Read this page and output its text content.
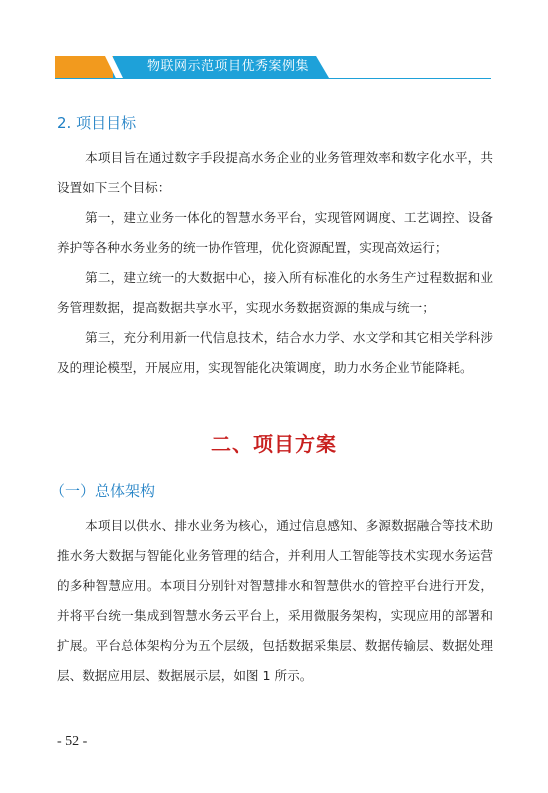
物联网示范项目优秀案例集
2. 项目目标

本项目旨在通过数字手段提高水务企业的业务管理效率和数字化水平，共设置如下三个目标：

第一，建立业务一体化的智慧水务平台，实现管网调度、工艺调控、设备养护等各种水务业务的统一协作管理，优化资源配置，实现高效运行；

第二，建立统一的大数据中心，接入所有标准化的水务生产过程数据和业务管理数据，提高数据共享水平，实现水务数据资源的集成与统一；

第三，充分利用新一代信息技术，结合水力学、水文学和其它相关学科涉及的理论模型，开展应用，实现智能化决策调度，助力水务企业节能降耗。

二、项目方案
（一）总体架构

本项目以供水、排水业务为核心，通过信息感知、多源数据融合等技术助推水务大数据与智能化业务管理的结合，并利用人工智能等技术实现水务运营的多种智慧应用。本项目分别针对智慧排水和智慧供水的管控平台进行开发，并将平台统一集成到智慧水务云平台上，采用微服务架构，实现应用的部署和扩展。平台总体架构分为五个层级，包括数据采集层、数据传输层、数据处理层、数据应用层、数据展示层，如图 1 所示。

- 52 -
